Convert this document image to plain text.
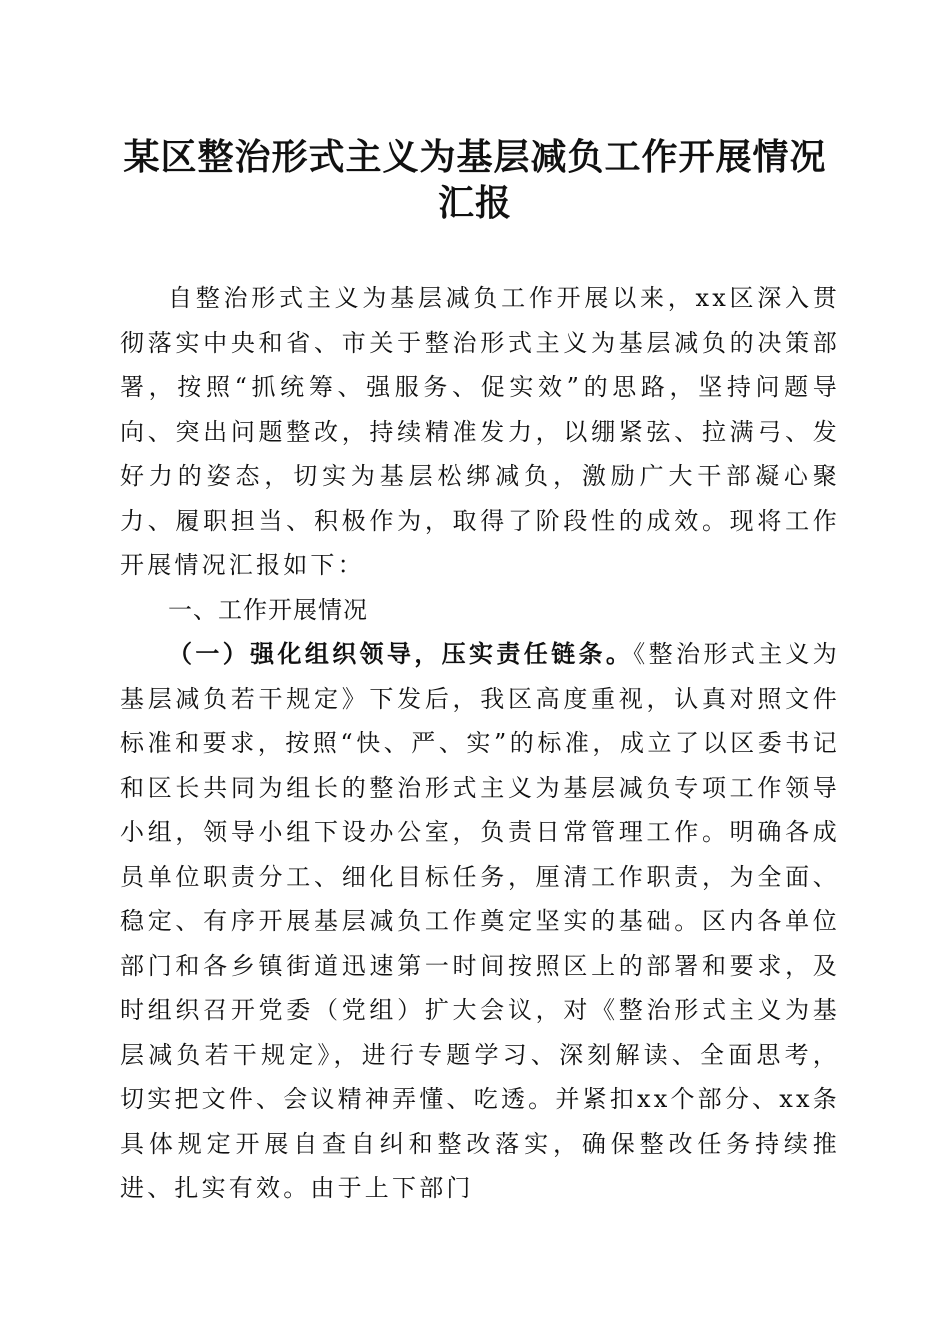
某区整治形式主义为基层减负工作开展情况汇报

自整治形式主义为基层减负工作开展以来，xx区深入贯彻落实中央和省、市关于整治形式主义为基层减负的决策部署，按照“抓统筹、强服务、促实效”的思路，坚持问题导向、突出问题整改，持续精准发力，以绷紧弦、拉满弓、发好力的姿态，切实为基层松绑减负，激励广大干部凝心聚力、履职担当、积极作为，取得了阶段性的成效。现将工作开展情况汇报如下：

一、工作开展情况

（一）强化组织领导，压实责任链条。《整治形式主义为基层减负若干规定》下发后，我区高度重视，认真对照文件标准和要求，按照“快、严、实”的标准，成立了以区委书记和区长共同为组长的整治形式主义为基层减负专项工作领导小组，领导小组下设办公室，负责日常管理工作。明确各成员单位职责分工、细化目标任务，厘清工作职责，为全面、稳定、有序开展基层减负工作奠定坚实的基础。区内各单位部门和各乡镇街道迅速第一时间按照区上的部署和要求，及时组织召开党委（党组）扩大会议，对《整治形式主义为基层减负若干规定》，进行专题学习、深刻解读、全面思考，切实把文件、会议精神弄懂、吃透。并紧扣xx个部分、xx条具体规定开展自查自纠和整改落实，确保整改任务持续推进、扎实有效。由于上下部门
